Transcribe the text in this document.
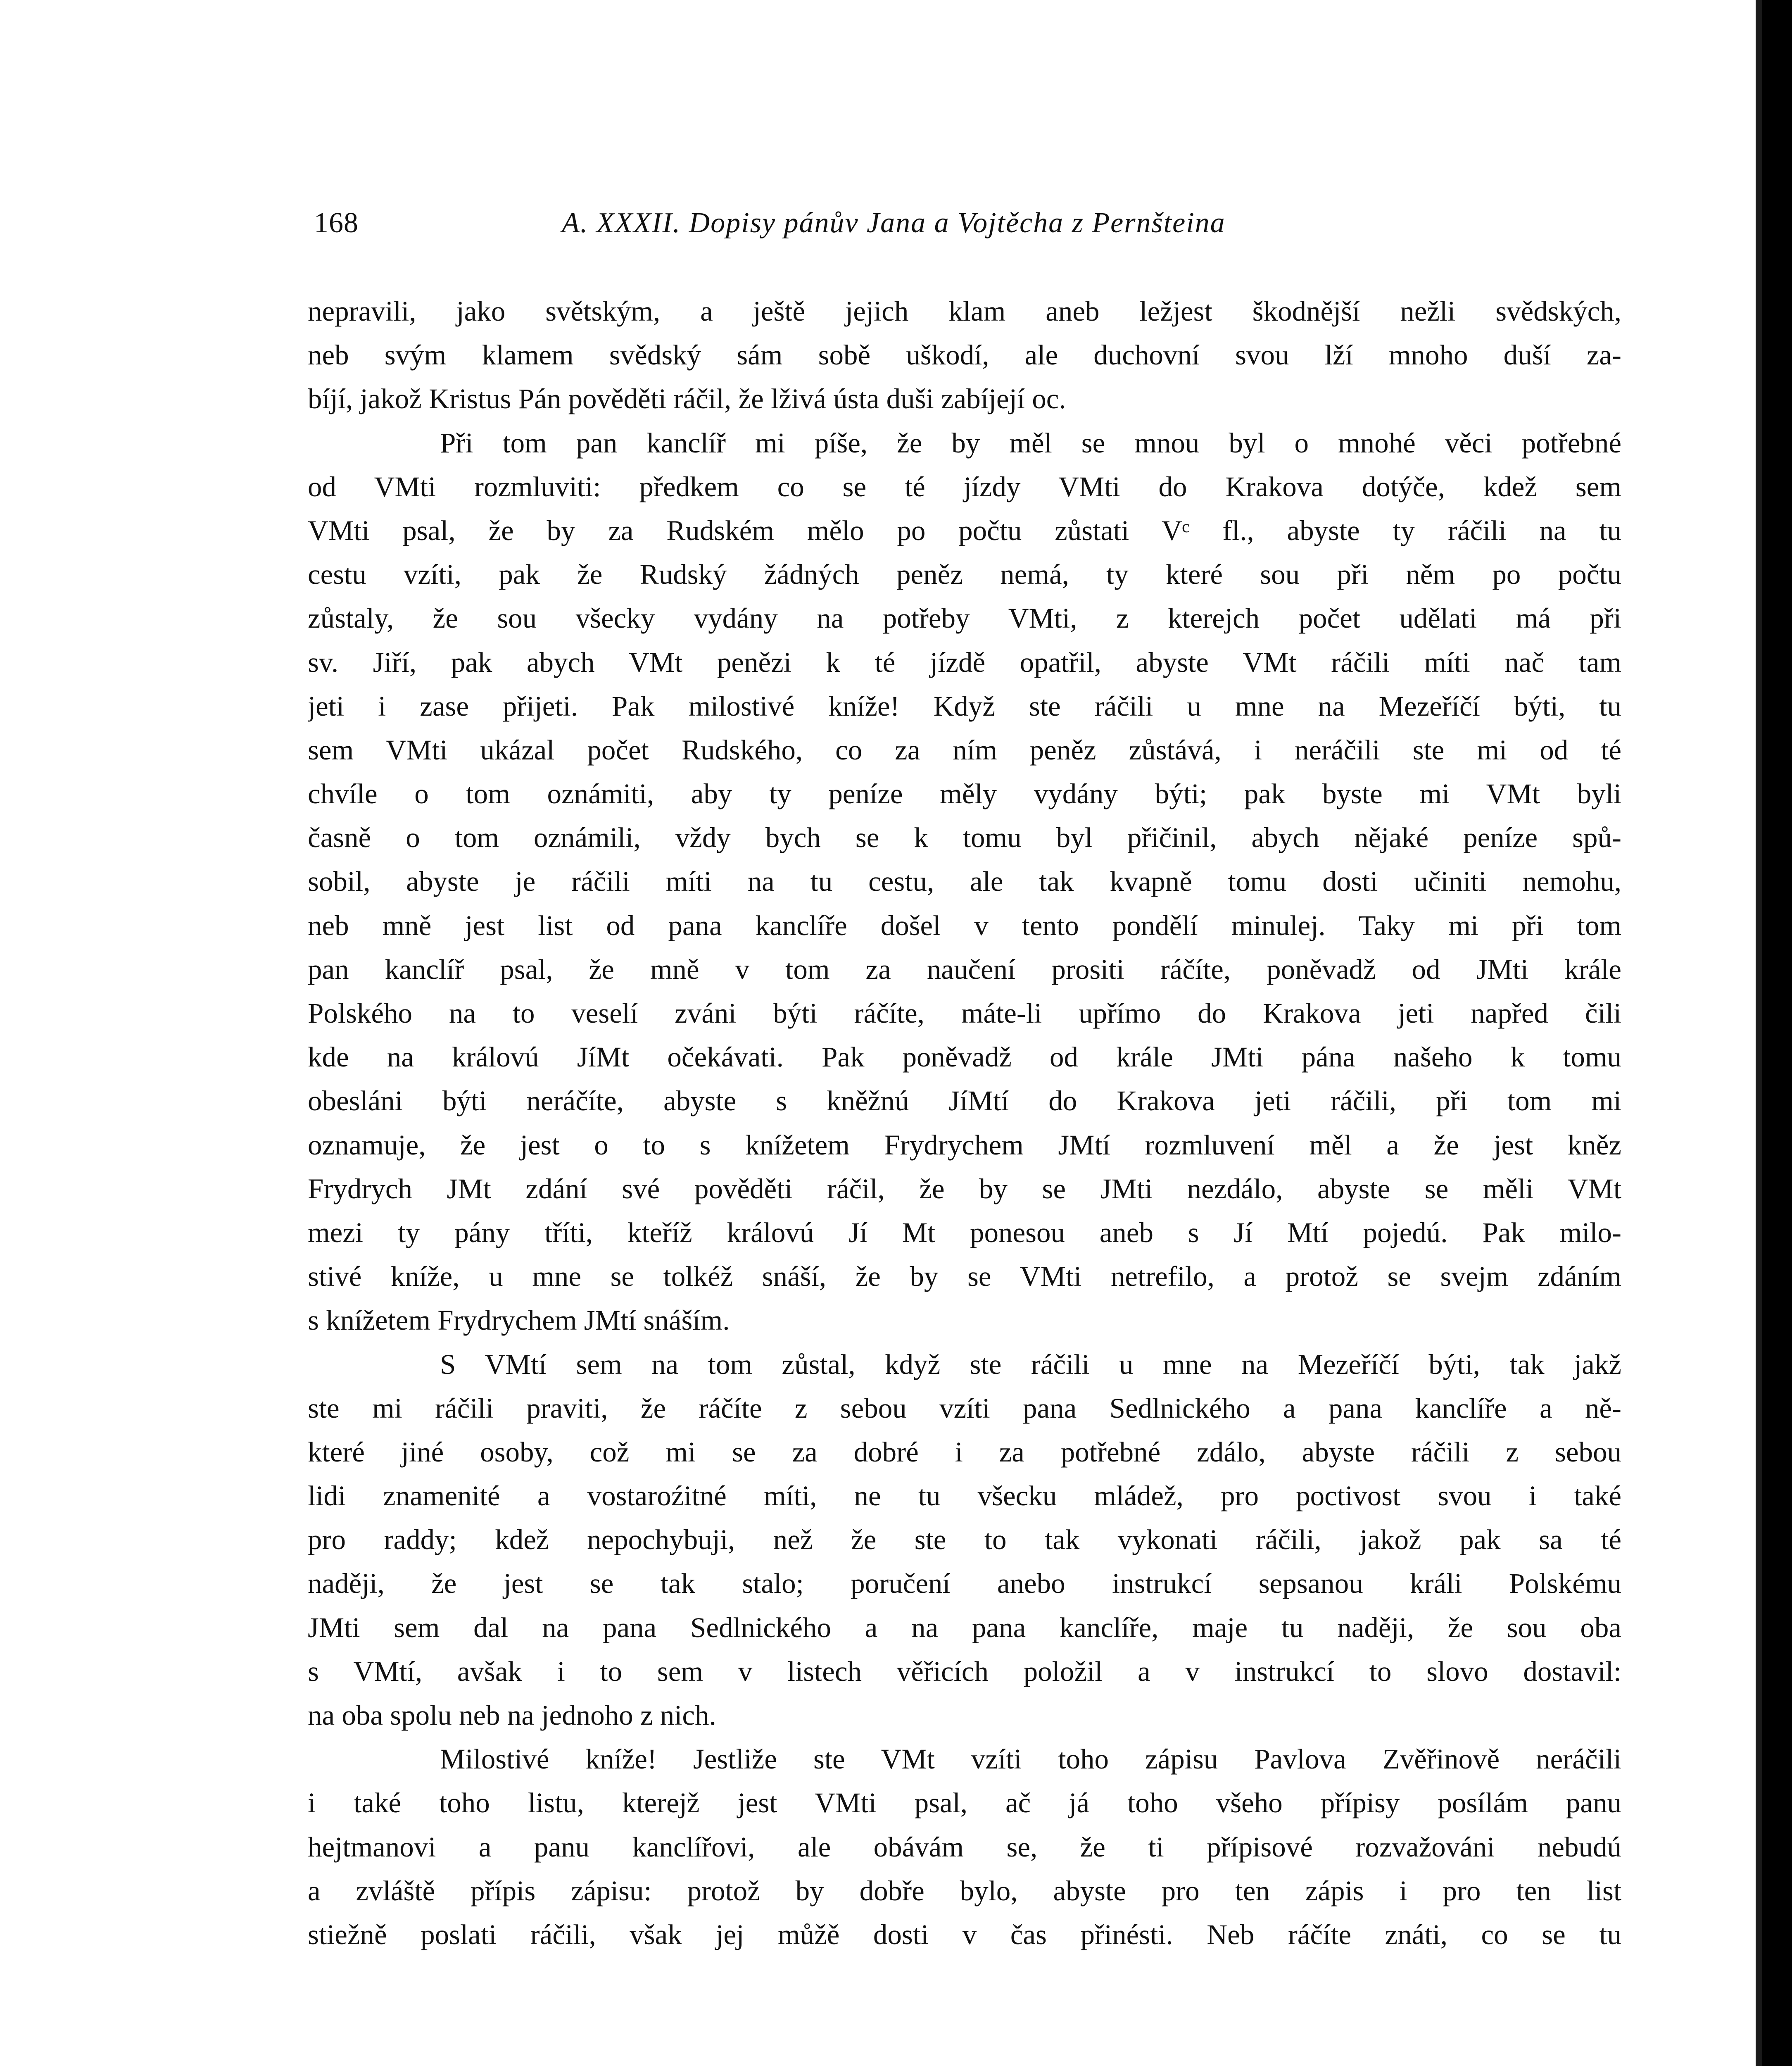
168	A. XXXII. Dopisy pánův Jana a Vojtěcha z Pernšteina
nepravili, jako světským, a ještě jejich klam aneb ležjest škodnější nežli svědských,
neb svým klamem svědský sám sobě uškodí, ale duchovní svou lží mnoho duší za-
bíjí, jakož Kristus Pán pověděti ráčil, že lživá ústa duši zabíjejí oc.
Při tom pan kanclíř mi píše, že by měl se mnou byl o mnohé věci potřebné
od VMti rozmluviti: předkem co se té jízdy VMti do Krakova dotýče, kdež sem
VMti psal, že by za Rudském mělo po počtu zůstati Vᶜ fl., abyste ty ráčili na tu
cestu vzíti, pak že Rudský žádných peněz nemá, ty které sou při něm po počtu
zůstaly, že sou všecky vydány na potřeby VMti, z kterejch počet udělati má při
sv. Jiří, pak abych VMt penězi k té jízdě opatřil, abyste VMt ráčili míti nač tam
jeti i zase přijeti. Pak milostivé kníže! Když ste ráčili u mne na Mezeříčí býti, tu
sem VMti ukázal počet Rudského, co za ním peněz zůstává, i neráčili ste mi od té
chvíle o tom oznámiti, aby ty peníze měly vydány býti; pak byste mi VMt byli
časně o tom oznámili, vždy bych se k tomu byl přičinil, abych nějaké peníze spů-
sobil, abyste je ráčili míti na tu cestu, ale tak kvapně tomu dosti učiniti nemohu,
neb mně jest list od pana kanclíře došel v tento pondělí minulej. Taky mi při tom
pan kanclíř psal, že mně v tom za naučení prositi ráčíte, poněvadž od JMti krále
Polského na to veselí zváni býti ráčíte, máte-li upřímo do Krakova jeti napřed čili
kde na královú JíMt očekávati. Pak poněvadž od krále JMti pána našeho k tomu
obesláni býti neráčíte, abyste s kněžnú JíMtí do Krakova jeti ráčili, při tom mi
oznamuje, že jest o to s knížetem Frydrychem JMtí rozmluvení měl a že jest kněz
Frydrych JMt zdání své pověděti ráčil, že by se JMti nezdálo, abyste se měli VMt
mezi ty pány tříti, kteříž královú Jí Mt ponesou aneb s Jí Mtí pojedú. Pak milo-
stivé kníže, u mne se tolkéž snáší, že by se VMti netrefilo, a protož se svejm zdáním
s knížetem Frydrychem JMtí snáším.
S VMtí sem na tom zůstal, když ste ráčili u mne na Mezeříčí býti, tak jakž
ste mi ráčili praviti, že ráčíte z sebou vzíti pana Sedlnického a pana kanclíře a ně-
které jiné osoby, což mi se za dobré i za potřebné zdálo, abyste ráčili z sebou
lidi znamenité a vostaroźitné míti, ne tu všecku mládež, pro poctivost svou i také
pro raddy; kdež nepochybuji, než že ste to tak vykonati ráčili, jakož pak sa té
naději, že jest se tak stalo; poručení anebo instrukcí sepsanou králi Polskému
JMti sem dal na pana Sedlnického a na pana kanclíře, maje tu naději, že sou oba
s VMtí, avšak i to sem v listech věřicích položil a v instrukcí to slovo dostavil:
na oba spolu neb na jednoho z nich.
Milostivé kníže! Jestliže ste VMt vzíti toho zápisu Pavlova Zvěřinově neráčili
i také toho listu, kterejž jest VMti psal, ač já toho všeho přípisy posílám panu
hejtmanovi a panu kanclířovi, ale obávám se, že ti přípisové rozvažováni nebudú
a zvláště přípis zápisu: protož by dobře bylo, abyste pro ten zápis i pro ten list
stiežně poslati ráčili, však jej můžě dosti v čas přinésti. Neb ráčíte znáti, co se tu
